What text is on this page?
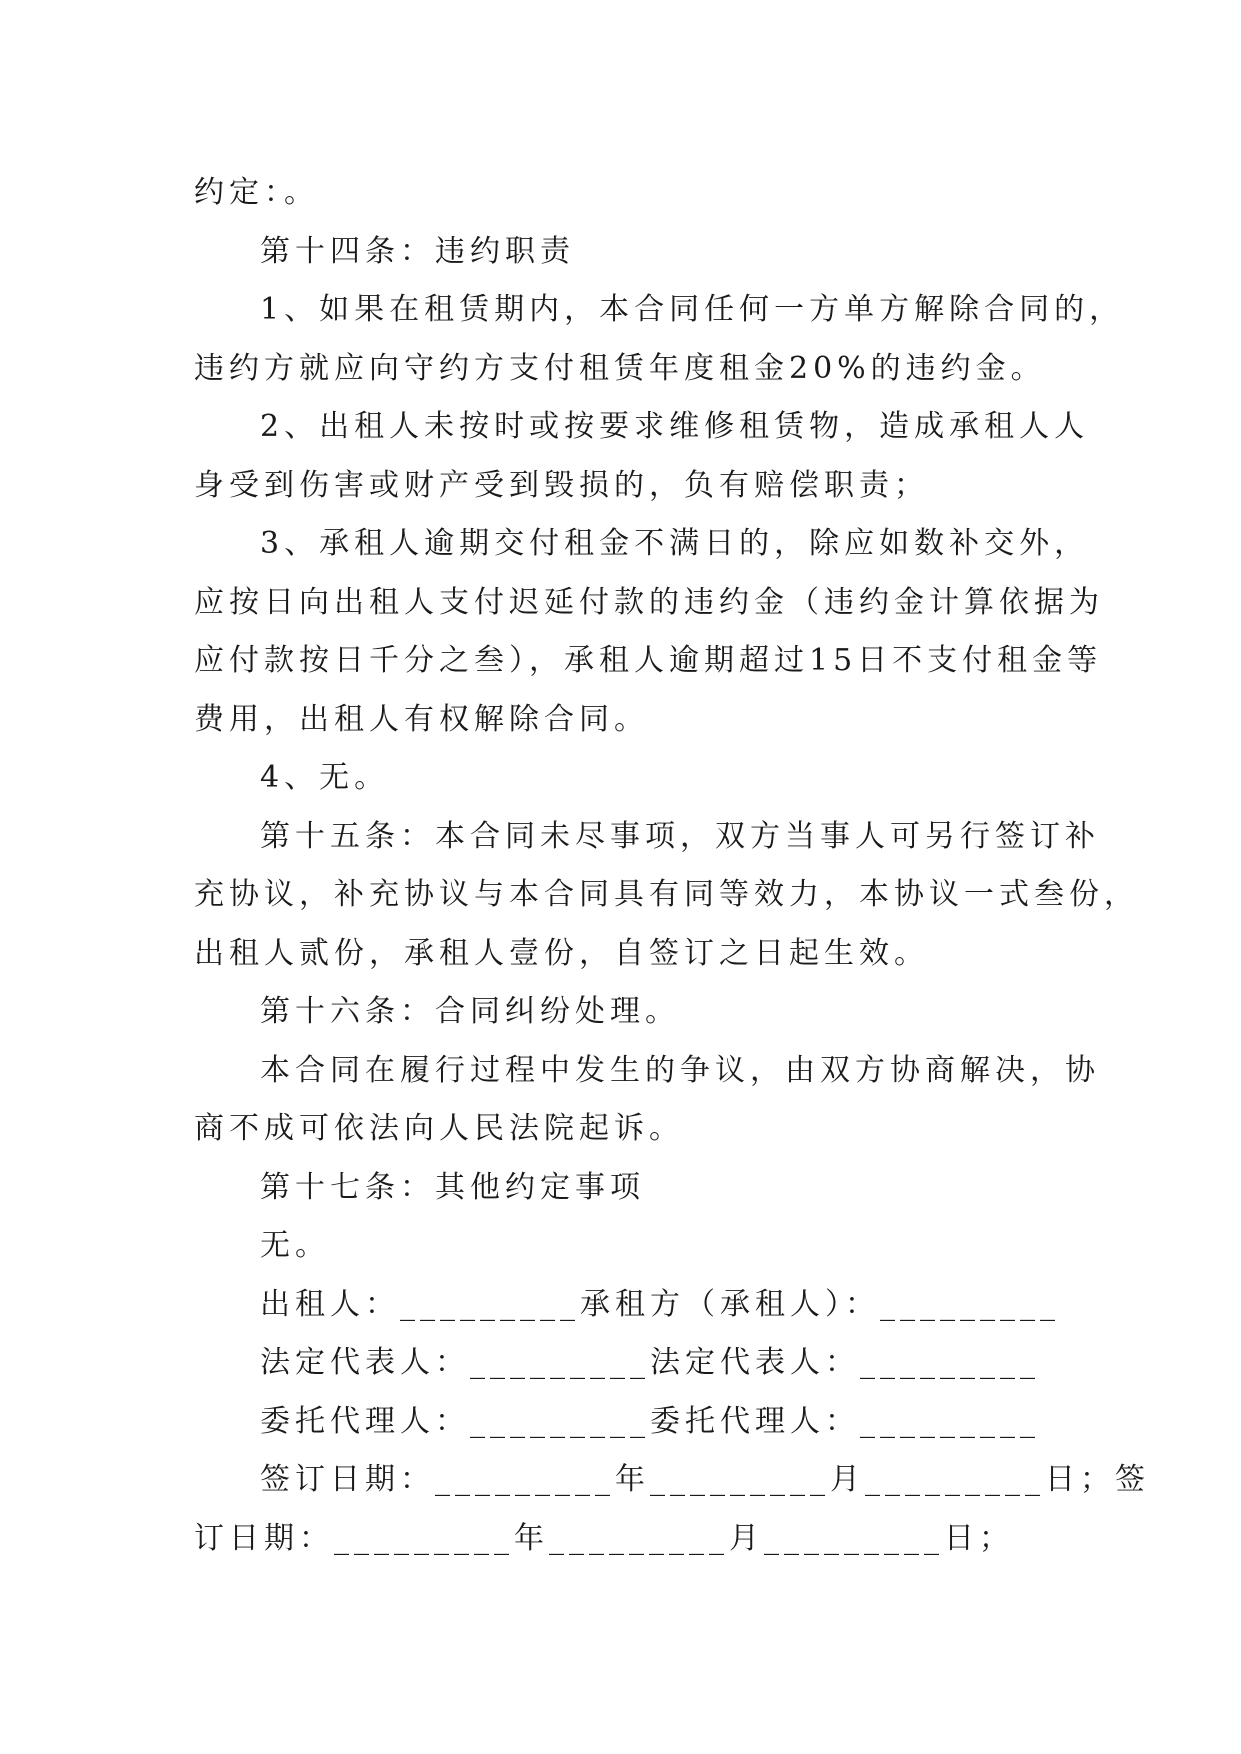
约定：。

第十四条：违约职责

1、如果在租赁期内，本合同任何一方单方解除合同的，

违约方就应向守约方支付租赁年度租金20%的违约金。

2、出租人未按时或按要求维修租赁物，造成承租人人

身受到伤害或财产受到毁损的，负有赔偿职责；

3、承租人逾期交付租金不满日的，除应如数补交外，

应按日向出租人支付迟延付款的违约金（违约金计算依据为

应付款按日千分之叁），承租人逾期超过15日不支付租金等

费用，出租人有权解除合同。

4、无。

第十五条：本合同未尽事项，双方当事人可另行签订补

充协议，补充协议与本合同具有同等效力，本协议一式叁份，

出租人贰份，承租人壹份，自签订之日起生效。

第十六条：合同纠纷处理。

本合同在履行过程中发生的争议，由双方协商解决，协

商不成可依法向人民法院起诉。

第十七条：其他约定事项

无。

出租人：_________承租方（承租人）：_________

法定代表人：_________法定代表人：_________

委托代理人：_________委托代理人：_________

签订日期：_________年_________月_________日；签

订日期：_________年_________月_________日；
